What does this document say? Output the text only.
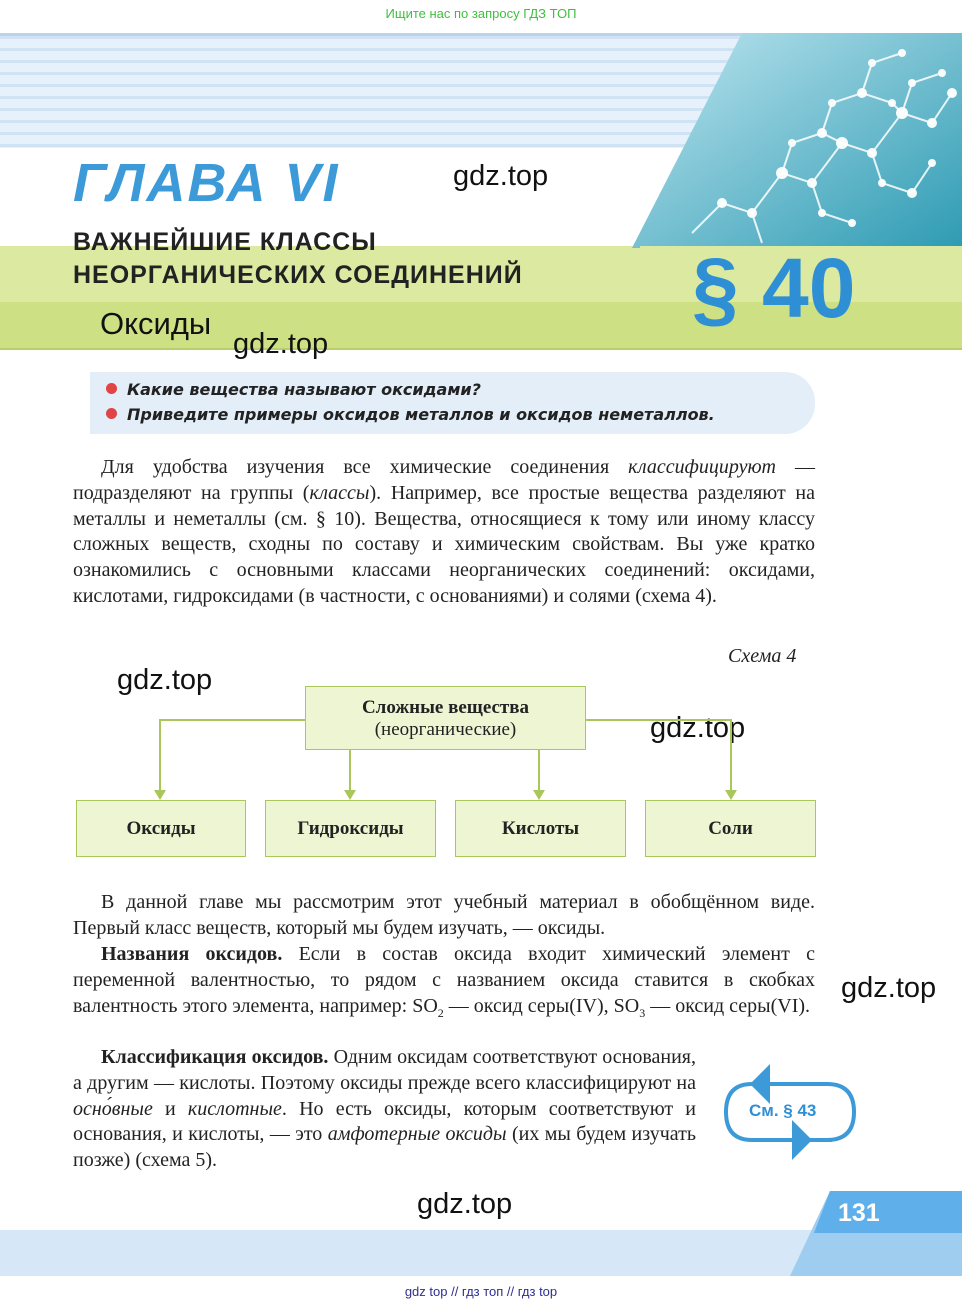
Ищите нас по запросу ГДЗ ТОП
ГЛАВА VI
ВАЖНЕЙШИЕ КЛАССЫ
НЕОРГАНИЧЕСКИХ СОЕДИНЕНИЙ § 40
Оксиды
gdz.top
gdz.top
gdz.top
gdz.top
gdz.top
gdz.top
Какие вещества называют оксидами?
Приведите примеры оксидов металлов и оксидов неметаллов.

Для удобства изучения все химические соединения классифицируют — подразделяют на группы (классы). Например, все простые вещества разделяют на металлы и неметаллы (см. § 10). Вещества, относящиеся к тому или иному классу сложных веществ, сходны по составу и химическим свойствам. Вы уже кратко ознакомились с основными классами неорганических соединений: оксидами, кислотами, гидроксидами (в частности, с основаниями) и солями (схема 4).

Схема 4
Сложные вещества
(неорганические)
Оксиды	Гидроксиды	Кислоты	Соли

В данной главе мы рассмотрим этот учебный материал в обобщённом виде. Первый класс веществ, который мы будем изучать, — оксиды.

Названия оксидов. Если в состав оксида входит химический элемент с переменной валентностью, то рядом с названием оксида ставится в скобках валентность этого элемента, например: $SO_2$ — оксид серы(IV), $SO_3$ — оксид серы(VI).

Классификация оксидов. Одним оксидам соответствуют основания, а другим — кислоты. Поэтому оксиды прежде всего классифицируют на осно́вные и кислотные. Но есть оксиды, которым соответствуют и основания, и кислоты, — это амфотерные оксиды (их мы будем изучать позже) (схема 5).

См. § 43
131
gdz top // гдз топ // гдз top
